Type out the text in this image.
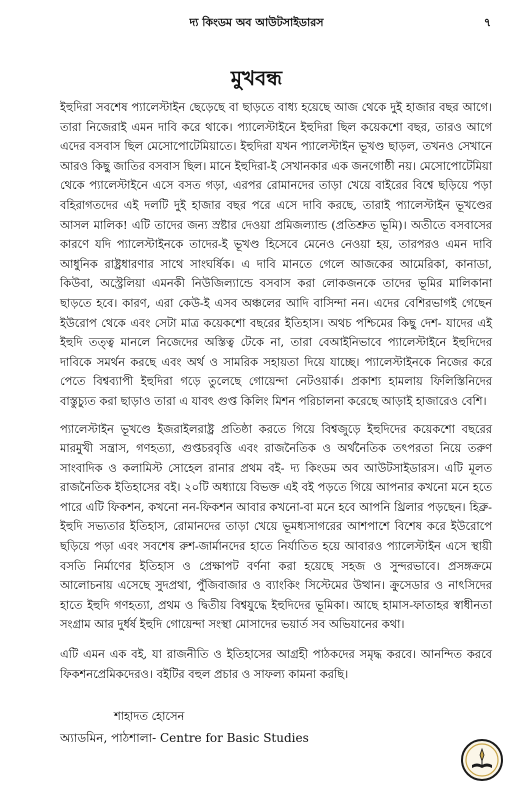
দ্য কিংডম অব আউটসাইডারস	৭
মুখবন্ধ

ইহুদিরা সবশেষ প্যালেস্টাইন ছেড়েছে বা ছাড়তে বাধ্য হয়েছে আজ থেকে দুই হাজার বছর আগে। তারা নিজেরাই এমন দাবি করে থাকে। প্যালেস্টাইনে ইহুদিরা ছিল কয়েকশো বছর, তারও আগে এদের বসবাস ছিল মেসোপোটেমিয়াতে। ইহুদিরা যখন প্যালেস্টাইন ভূখণ্ড ছাড়ল, তখনও সেখানে আরও কিছু জাতির বসবাস ছিল। মানে ইহুদিরা-ই সেখানকার এক জনগোষ্ঠী নয়। মেসোপোটেমিয়া থেকে প্যালেস্টাইনে এসে বসত গড়া, এরপর রোমানদের তাড়া খেয়ে বাইরের বিশ্বে ছড়িয়ে পড়া বহিরাগতদের এই দলটি দুই হাজার বছর পরে এসে দাবি করছে, তারাই প্যালেস্টাইন ভূখণ্ডের আসল মালিক! এটি তাদের জন্য স্রষ্টার দেওয়া প্রমিজল্যান্ড (প্রতিশ্রুত ভূমি)। অতীতে বসবাসের কারণে যদি প্যালেস্টাইনকে তাদের-ই ভূখণ্ড হিসেবে মেনেও নেওয়া হয়, তারপরও এমন দাবি আধুনিক রাষ্ট্রধারণার সাথে সাংঘর্ষিক। এ দাবি মানতে গেলে আজকের আমেরিকা, কানাডা, কিউবা, অস্ট্রেলিয়া এমনকী নিউজিল্যান্ডে বসবাস করা লোকজনকে তাদের ভূমির মালিকানা ছাড়তে হবে। কারণ, এরা কেউ-ই এসব অঞ্চলের আদি বাসিন্দা নন। এদের বেশিরভাগই গেছেন ইউরোপ থেকে এবং সেটা মাত্র কয়েকশো বছরের ইতিহাস। অথচ পশ্চিমের কিছু দেশ- যাদের এই ইহুদি তত্ত্ব মানলে নিজেদের অস্তিত্ব টেকে না, তারা বেআইনিভাবে প্যালেস্টাইনে ইহুদিদের দাবিকে সমর্থন করছে এবং অর্থ ও সামরিক সহায়তা দিয়ে যাচ্ছে। প্যালেস্টাইনকে নিজের করে পেতে বিশ্বব্যাপী ইহুদিরা গড়ে তুলেছে গোয়েন্দা নেটওয়ার্ক। প্রকাশ্য হামলায় ফিলিস্তিনিদের বাস্তুচ্যুত করা ছাড়াও তারা এ যাবৎ গুপ্ত কিলিং মিশন পরিচালনা করেছে আড়াই হাজারেও বেশি।

প্যালেস্টাইন ভূখণ্ডে ইজরাইলরাষ্ট্র প্রতিষ্ঠা করতে গিয়ে বিশ্বজুড়ে ইহুদিদের কয়েকশো বছরের মারমুখী সন্ত্রাস, গণহত্যা, গুপ্তচরবৃত্তি এবং রাজনৈতিক ও অর্থনৈতিক তৎপরতা নিয়ে তরুণ সাংবাদিক ও কলামিস্ট সোহেল রানার প্রথম বই- দ্য কিংডম অব আউটসাইডারস। এটি মূলত রাজনৈতিক ইতিহাসের বই। ২০টি অধ্যায়ে বিভক্ত এই বই পড়তে গিয়ে আপনার কখনো মনে হতে পারে এটি ফিকশন, কখনো নন-ফিকশন আবার কখনো-বা মনে হবে আপনি থ্রিলার পড়ছেন। হিব্রু-ইহুদি সভ্যতার ইতিহাস, রোমানদের তাড়া খেয়ে ভূমধ্যসাগরের আশপাশে বিশেষ করে ইউরোপে ছড়িয়ে পড়া এবং সবশেষ রুশ-জার্মানদের হাতে নির্যাতিত হয়ে আবারও প্যালেস্টাইন এসে স্থায়ী বসতি নির্মাণের ইতিহাস ও প্রেক্ষাপট বর্ণনা করা হয়েছে সহজ ও সুন্দরভাবে। প্রসঙ্গক্রমে আলোচনায় এসেছে সুদপ্রথা, পুঁজিবাজার ও ব্যাংকিং সিস্টেমের উত্থান। ক্রুসেডার ও নাৎসিদের হাতে ইহুদি গণহত্যা, প্রথম ও দ্বিতীয় বিশ্বযুদ্ধে ইহুদিদের ভূমিকা। আছে হামাস-ফাতাহর স্বাধীনতা সংগ্রাম আর দুর্ধর্ষ ইহুদি গোয়েন্দা সংস্থা মোসাদের ভয়ার্ত সব অভিযানের কথা।

এটি এমন এক বই, যা রাজনীতি ও ইতিহাসের আগ্রহী পাঠকদের সমৃদ্ধ করবে। আনন্দিত করবে ফিকশনপ্রেমিকদেরও। বইটির বহুল প্রচার ও সাফল্য কামনা করছি।

শাহাদত হোসেন
অ্যাডমিন, পাঠশালা- Centre for Basic Studies
